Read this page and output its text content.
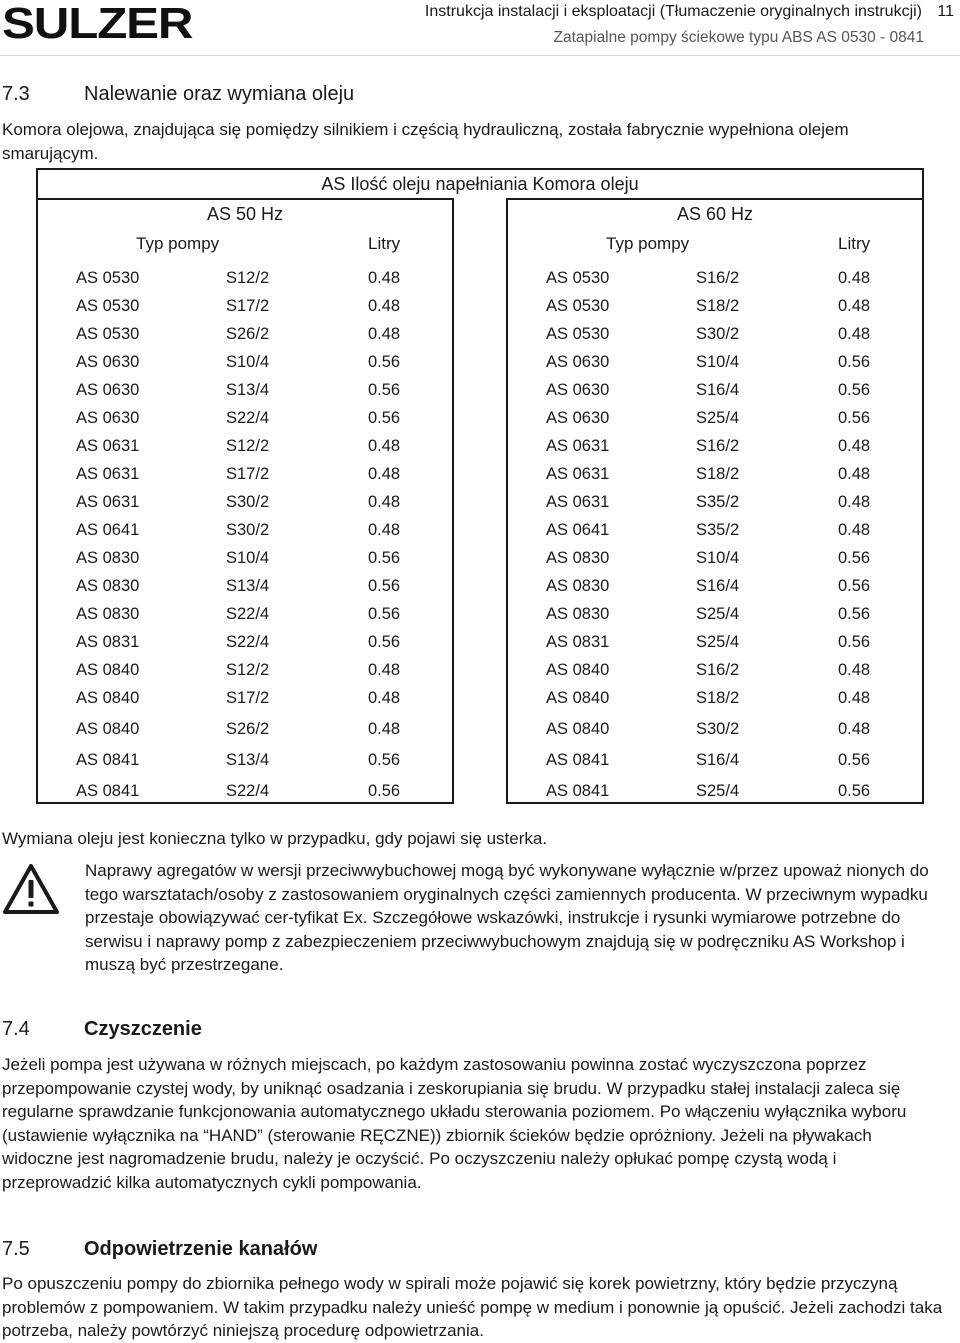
SULZER	Instrukcja instalacji i eksploatacji (Tłumaczenie oryginalnych instrukcji) 11
Zatapialne pompy ściekowe typu ABS AS 0530 - 0841
7.3	Nalewanie oraz wymiana oleju

Komora olejowa, znajdująca się pomiędzy silnikiem i częścią hydrauliczną, została fabrycznie wypełniona olejem smarującym.

AS Ilość oleju napełniania Komora oleju
AS 50 Hz
Typ pompy	Litry
AS 0530	S12/2	0.48
AS 0530	S17/2	0.48
AS 0530	S26/2	0.48
AS 0630	S10/4	0.56
AS 0630	S13/4	0.56
AS 0630	S22/4	0.56
AS 0631	S12/2	0.48
AS 0631	S17/2	0.48
AS 0631	S30/2	0.48
AS 0641	S30/2	0.48
AS 0830	S10/4	0.56
AS 0830	S13/4	0.56
AS 0830	S22/4	0.56
AS 0831	S22/4	0.56
AS 0840	S12/2	0.48
AS 0840	S17/2	0.48
AS 0840	S26/2	0.48
AS 0841	S13/4	0.56
AS 0841	S22/4	0.56
AS 60 Hz
Typ pompy	Litry
AS 0530	S16/2	0.48
AS 0530	S18/2	0.48
AS 0530	S30/2	0.48
AS 0630	S10/4	0.56
AS 0630	S16/4	0.56
AS 0630	S25/4	0.56
AS 0631	S16/2	0.48
AS 0631	S18/2	0.48
AS 0631	S35/2	0.48
AS 0641	S35/2	0.48
AS 0830	S10/4	0.56
AS 0830	S16/4	0.56
AS 0830	S25/4	0.56
AS 0831	S25/4	0.56
AS 0840	S16/2	0.48
AS 0840	S18/2	0.48
AS 0840	S30/2	0.48
AS 0841	S16/4	0.56
AS 0841	S25/4	0.56

Wymiana oleju jest konieczna tylko w przypadku, gdy pojawi się usterka.

Naprawy agregatów w wersji przeciwwybuchowej mogą być wykonywane wyłącznie w/przez upoważ nionych do tego warsztatach/osoby z zastosowaniem oryginalnych części zamiennych producenta. W przeciwnym wypadku przestaje obowiązywać cer-tyfikat Ex. Szczegółowe wskazówki, instrukcje i rysunki wymiarowe potrzebne do serwisu i naprawy pomp z zabezpieczeniem przeciwwybuchowym znajdują się w podręczniku AS Workshop i muszą być przestrzegane.

7.4	Czyszczenie

Jeżeli pompa jest używana w różnych miejscach, po każdym zastosowaniu powinna zostać wyczyszczona poprzez przepompowanie czystej wody, by uniknąć osadzania i zeskorupiania się brudu. W przypadku stałej instalacji zaleca się regularne sprawdzanie funkcjonowania automatycznego układu sterowania poziomem. Po włączeniu wyłącznika wyboru (ustawienie wyłącznika na “HAND” (sterowanie RĘCZNE)) zbiornik ścieków będzie opróżniony. Jeżeli na pływakach widoczne jest nagromadzenie brudu, należy je oczyścić. Po oczyszczeniu należy opłukać pompę czystą wodą i przeprowadzić kilka automatycznych cykli pompowania.

7.5	Odpowietrzenie kanałów

Po opuszczeniu pompy do zbiornika pełnego wody w spirali może pojawić się korek powietrzny, który będzie przyczyną problemów z pompowaniem. W takim przypadku należy unieść pompę w medium i ponownie ją opuścić. Jeżeli zachodzi taka potrzeba, należy powtórzyć niniejszą procedurę odpowietrzania.
